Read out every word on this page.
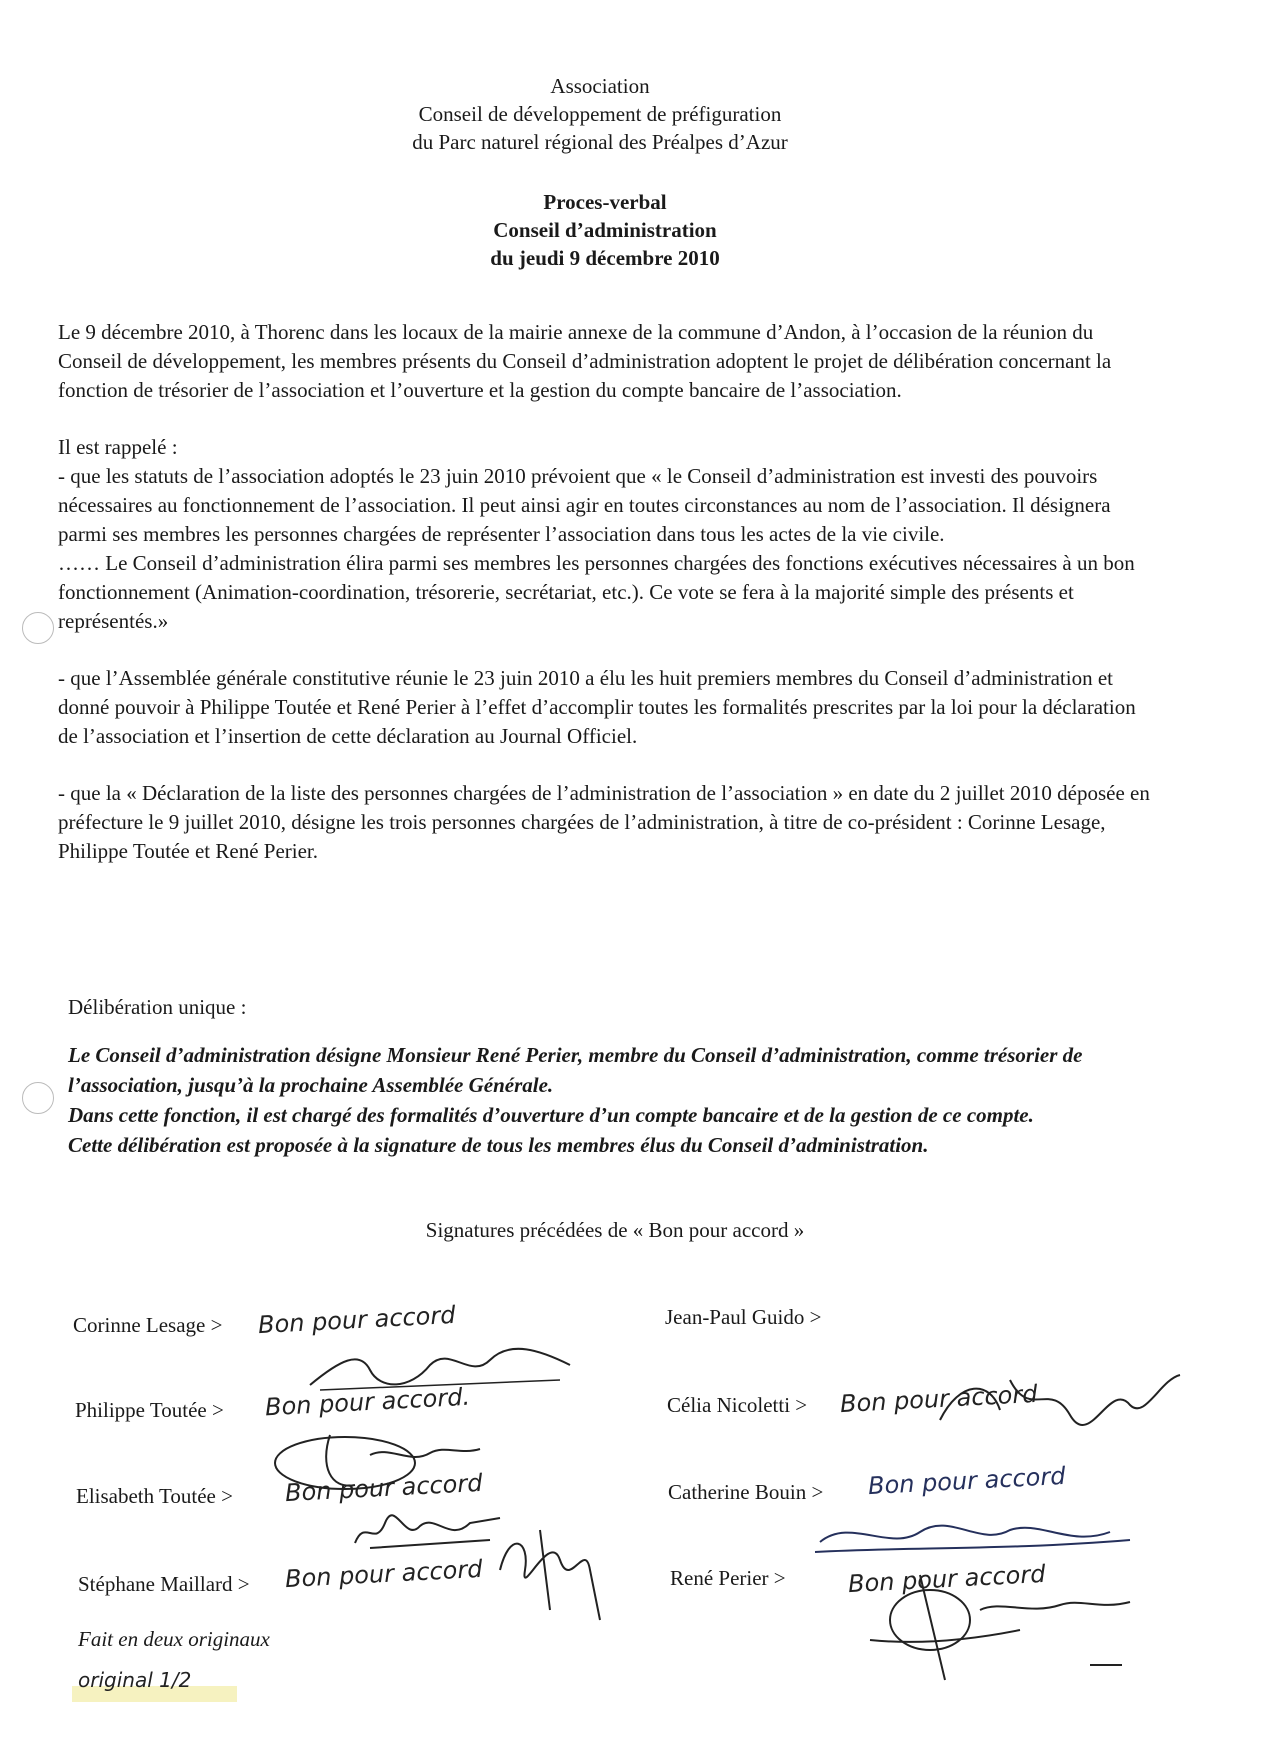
Association
Conseil de développement de préfiguration
du Parc naturel régional des Préalpes d’Azur
Proces-verbal
Conseil d’administration
du jeudi 9 décembre 2010

Le 9 décembre 2010, à Thorenc dans les locaux de la mairie annexe de la commune d’Andon, à l’occasion de la réunion du Conseil de développement, les membres présents du Conseil d’administration adoptent le projet de délibération concernant la fonction de trésorier de l’association et l’ouverture et la gestion du compte bancaire de l’association.

Il est rappelé :

- que les statuts de l’association adoptés le 23 juin 2010 prévoient que « le Conseil d’administration est investi des pouvoirs nécessaires au fonctionnement de l’association. Il peut ainsi agir en toutes circonstances au nom de l’association. Il désignera parmi ses membres les personnes chargées de représenter l’association dans tous les actes de la vie civile.

…… Le Conseil d’administration élira parmi ses membres les personnes chargées des fonctions exécutives nécessaires à un bon fonctionnement (Animation-coordination, trésorerie, secrétariat, etc.). Ce vote se fera à la majorité simple des présents et représentés.»

- que l’Assemblée générale constitutive réunie le 23 juin 2010 a élu les huit premiers membres du Conseil d’administration et donné pouvoir à Philippe Toutée et René Perier à l’effet d’accomplir toutes les formalités prescrites par la loi pour la déclaration de l’association et l’insertion de cette déclaration au Journal Officiel.

- que la « Déclaration de la liste des personnes chargées de l’administration de l’association » en date du 2 juillet 2010 déposée en préfecture le 9 juillet 2010, désigne les trois personnes chargées de l’administration, à titre de co-président : Corinne Lesage, Philippe Toutée et René Perier.

Délibération unique :
Le Conseil d’administration désigne Monsieur René Perier, membre du Conseil d’administration, comme trésorier de l’association, jusqu’à la prochaine Assemblée Générale.
Dans cette fonction, il est chargé des formalités d’ouverture d’un compte bancaire et de la gestion de ce compte.
Cette délibération est proposée à la signature de tous les membres élus du Conseil d’administration.
Signatures précédées de « Bon pour accord »
Corinne Lesage > Bon pour accord
Philippe Toutée > Bon pour accord.
Elisabeth Toutée > Bon pour accord
Stéphane Maillard > Bon pour accord
Jean-Paul Guido >
Célia Nicoletti > Bon pour accord
Catherine Bouin > Bon pour accord
René Perier >	Bon pour accord
Fait en deux originaux
original 1/2
